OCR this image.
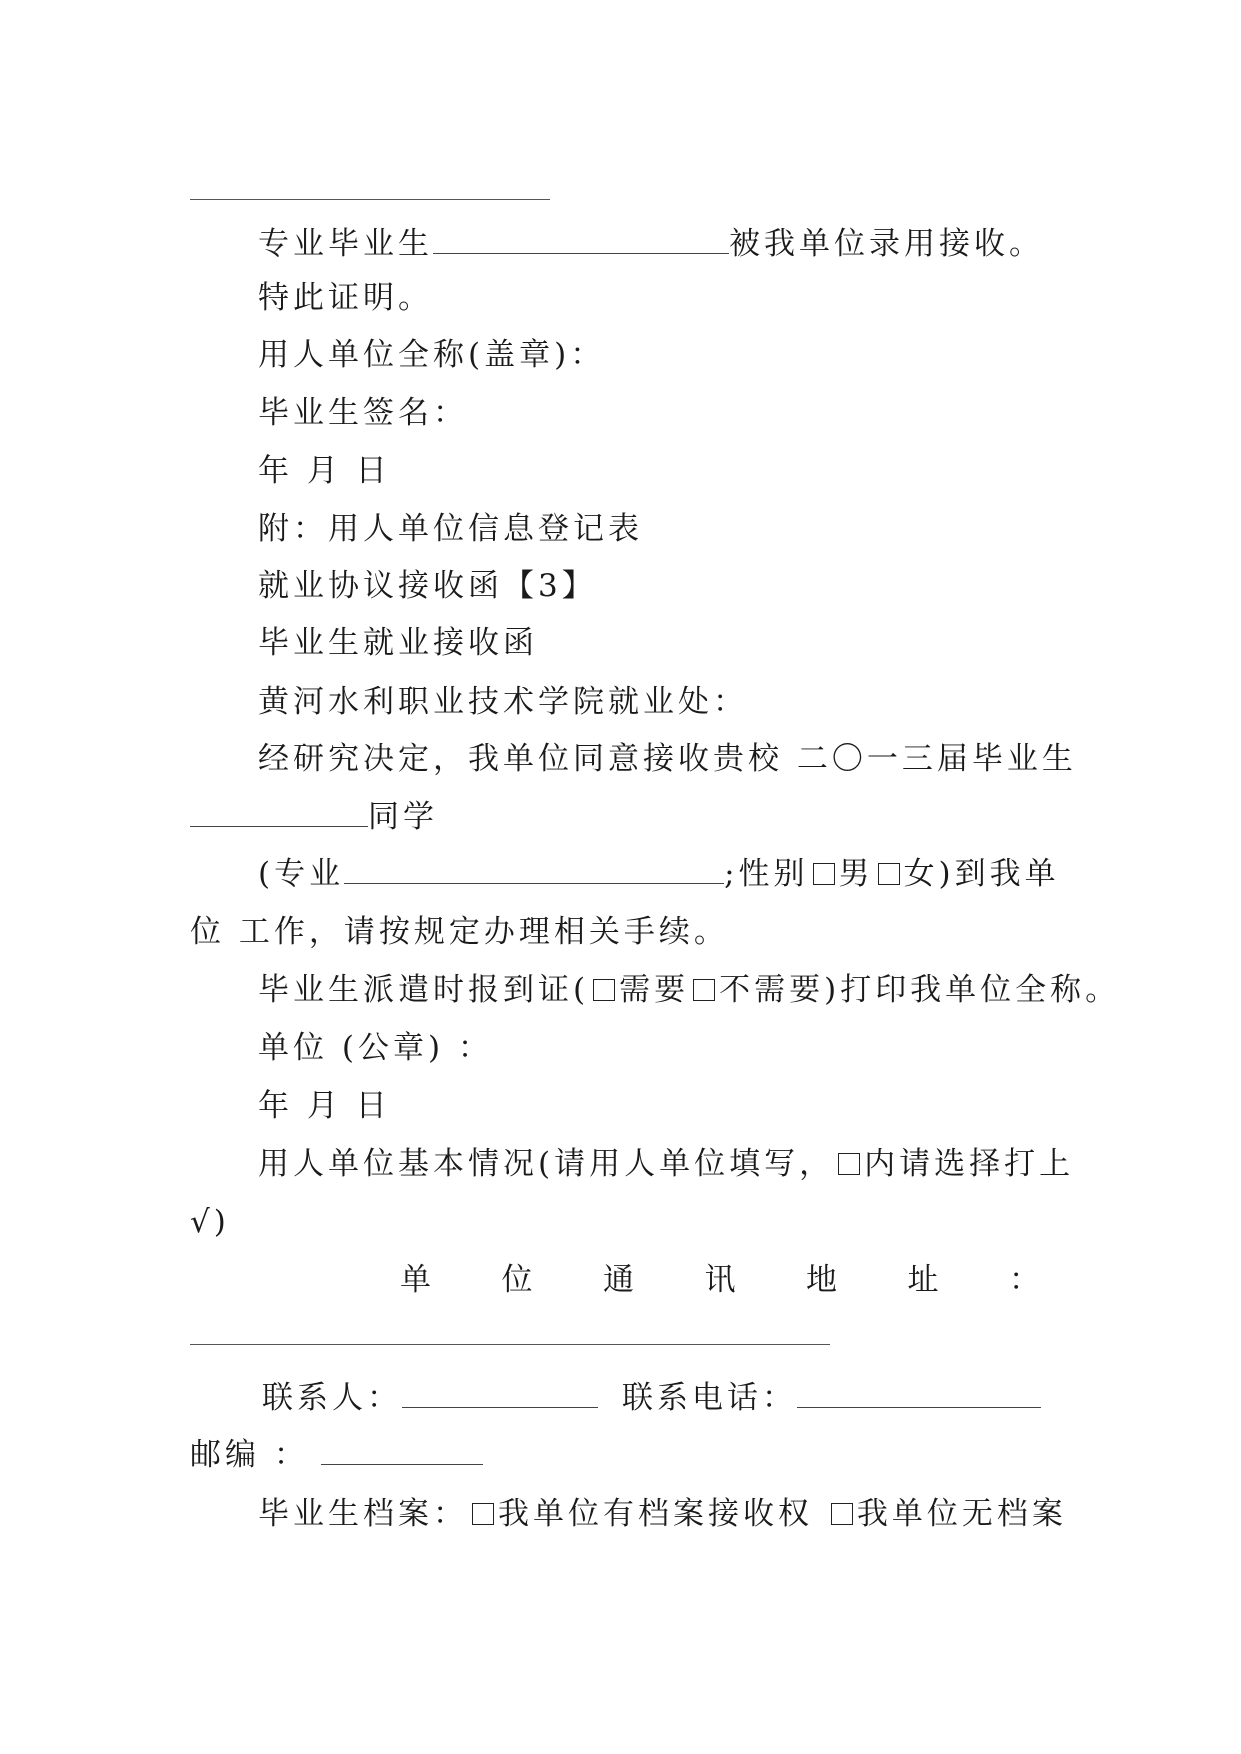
专业毕业生	被我单位录用接收。
特此证明。
用人单位全称(盖章)：
毕业生签名：
年 月 日
附：用人单位信息登记表
就业协议接收函【3】
毕业生就业接收函
黄河水利职业技术学院就业处：
经研究决定，我单位同意接收贵校 二〇一三届毕业生
同学
(专业	;性别 男 女)到我单
位 工作，请按规定办理相关手续。
毕业生派遣时报到证( 需要 不需要)打印我单位全称。
单位 (公章) ：
年 月 日
用人单位基本情况(请用人单位填写， 内请选择打上
√)
单 位 通 讯 地 址 ：
联系人：	联系电话：
邮编 ：
毕业生档案： 我单位有档案接收权 我单位无档案
